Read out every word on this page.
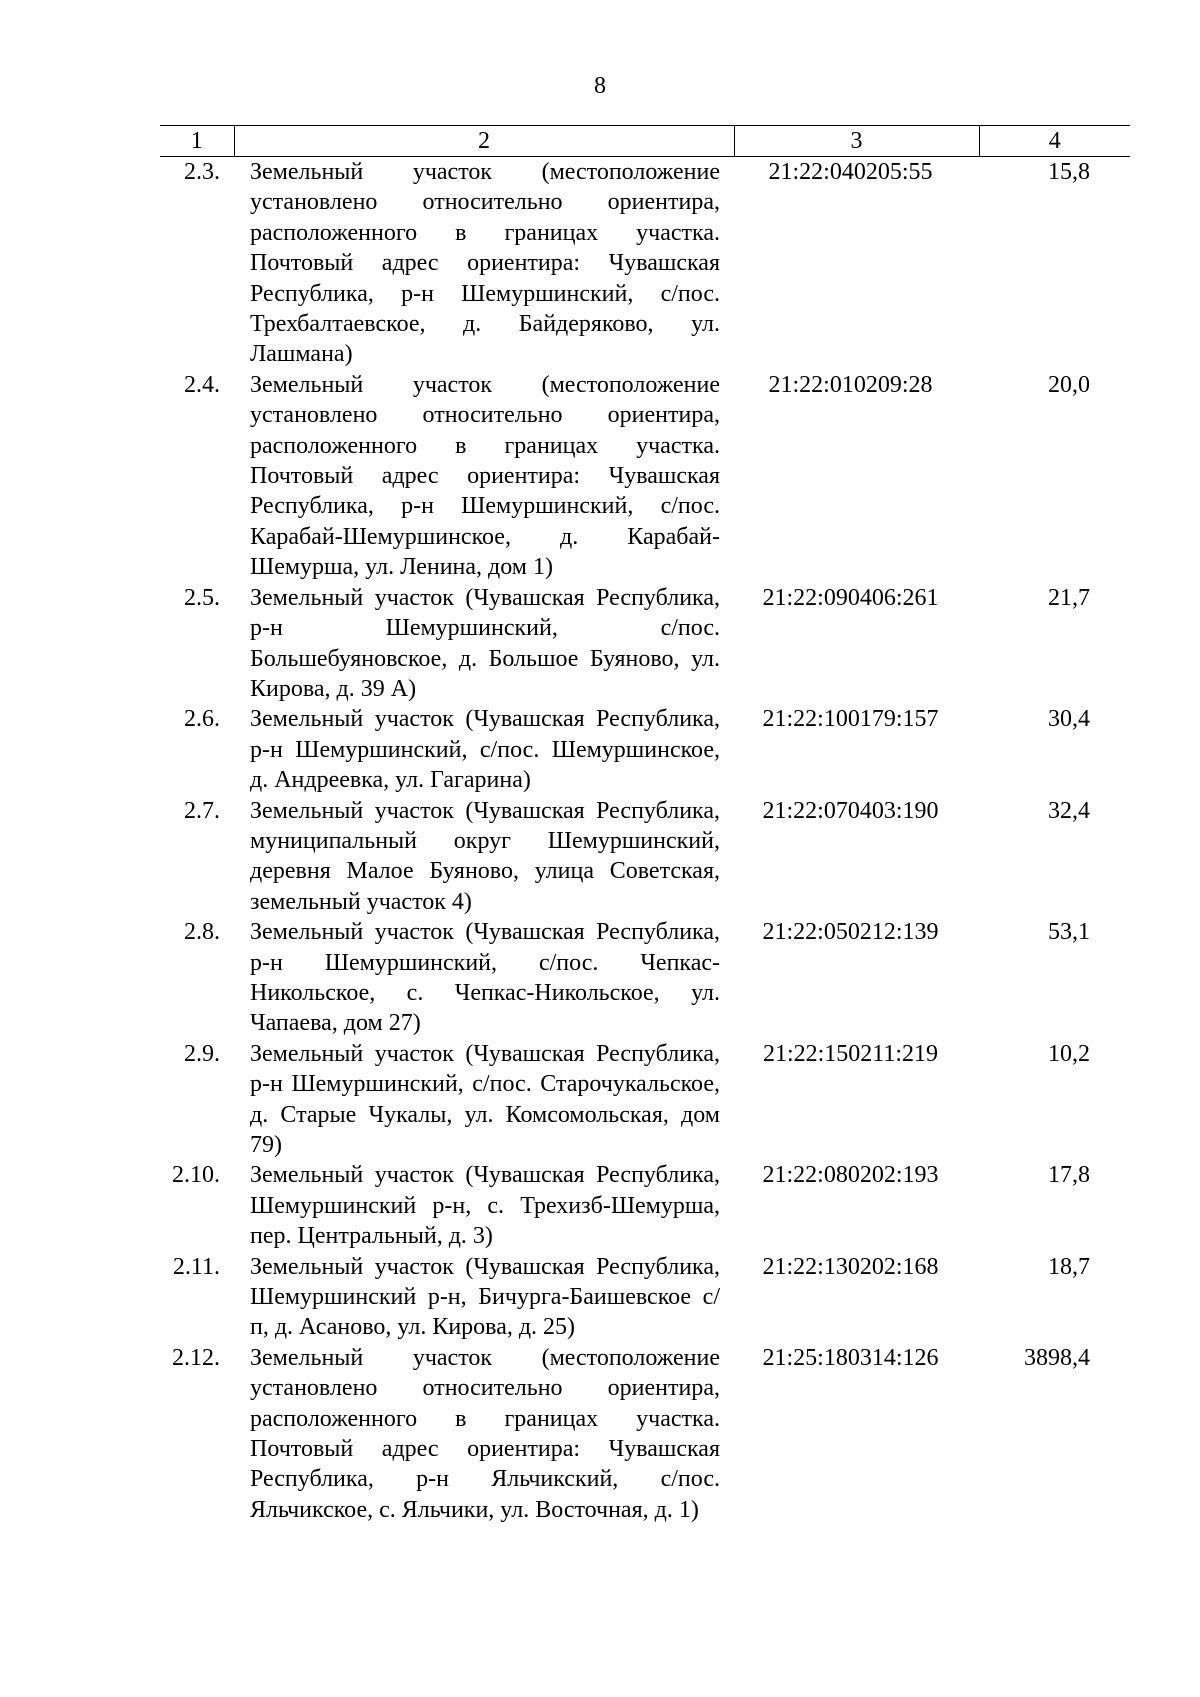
8
1	2	3	4
2.3.	Земельный участок (местоположение установлено относительно ориентира, расположенного в границах участка. Почтовый адрес ориентира: Чувашская Республика, р-н Шемуршинский, с/пос. Трехбалтаевское, д. Байдеряково, ул. Лашмана)	21:22:040205:55	15,8
2.4.	Земельный участок (местоположение установлено относительно ориентира, расположенного в границах участка. Почтовый адрес ориентира: Чувашская Республика, р-н Шемуршинский, с/пос. Карабай-Шемуршинское, д. Карабай-Шемурша, ул. Ленина, дом 1)	21:22:010209:28	20,0
2.5.	Земельный участок (Чувашская Республика, р-н Шемуршинский, с/пос. Большебуяновское, д. Большое Буяново, ул. Кирова, д. 39 А)	21:22:090406:261	21,7
2.6.	Земельный участок (Чувашская Республика, р-н Шемуршинский, с/пос. Шемуршинское, д. Андреевка, ул. Гагарина)	21:22:100179:157	30,4
2.7.	Земельный участок (Чувашская Республика, муниципальный округ Шемуршинский, деревня Малое Буяново, улица Советская, земельный участок 4)	21:22:070403:190	32,4
2.8.	Земельный участок (Чувашская Республика, р-н Шемуршинский, с/пос. Чепкас-Никольское, с. Чепкас-Никольское, ул. Чапаева, дом 27)	21:22:050212:139	53,1
2.9.	Земельный участок (Чувашская Республика, р-н Шемуршинский, с/пос. Старочукальское, д. Старые Чукалы, ул. Комсомольская, дом 79)	21:22:150211:219	10,2
2.10.	Земельный участок (Чувашская Республика, Шемуршинский р-н, с. Трехизб-Шемурша, пер. Центральный, д. 3)	21:22:080202:193	17,8
2.11.	Земельный участок (Чувашская Республика, Шемуршинский р-н, Бичурга-Баишевское с/п, д. Асаново, ул. Кирова, д. 25)	21:22:130202:168	18,7
2.12.	Земельный участок (местоположение установлено относительно ориентира, расположенного в границах участка. Почтовый адрес ориентира: Чувашская Республика, р-н Яльчикский, с/пос. Яльчикское, с. Яльчики, ул. Восточная, д. 1)	21:25:180314:126	3898,4
